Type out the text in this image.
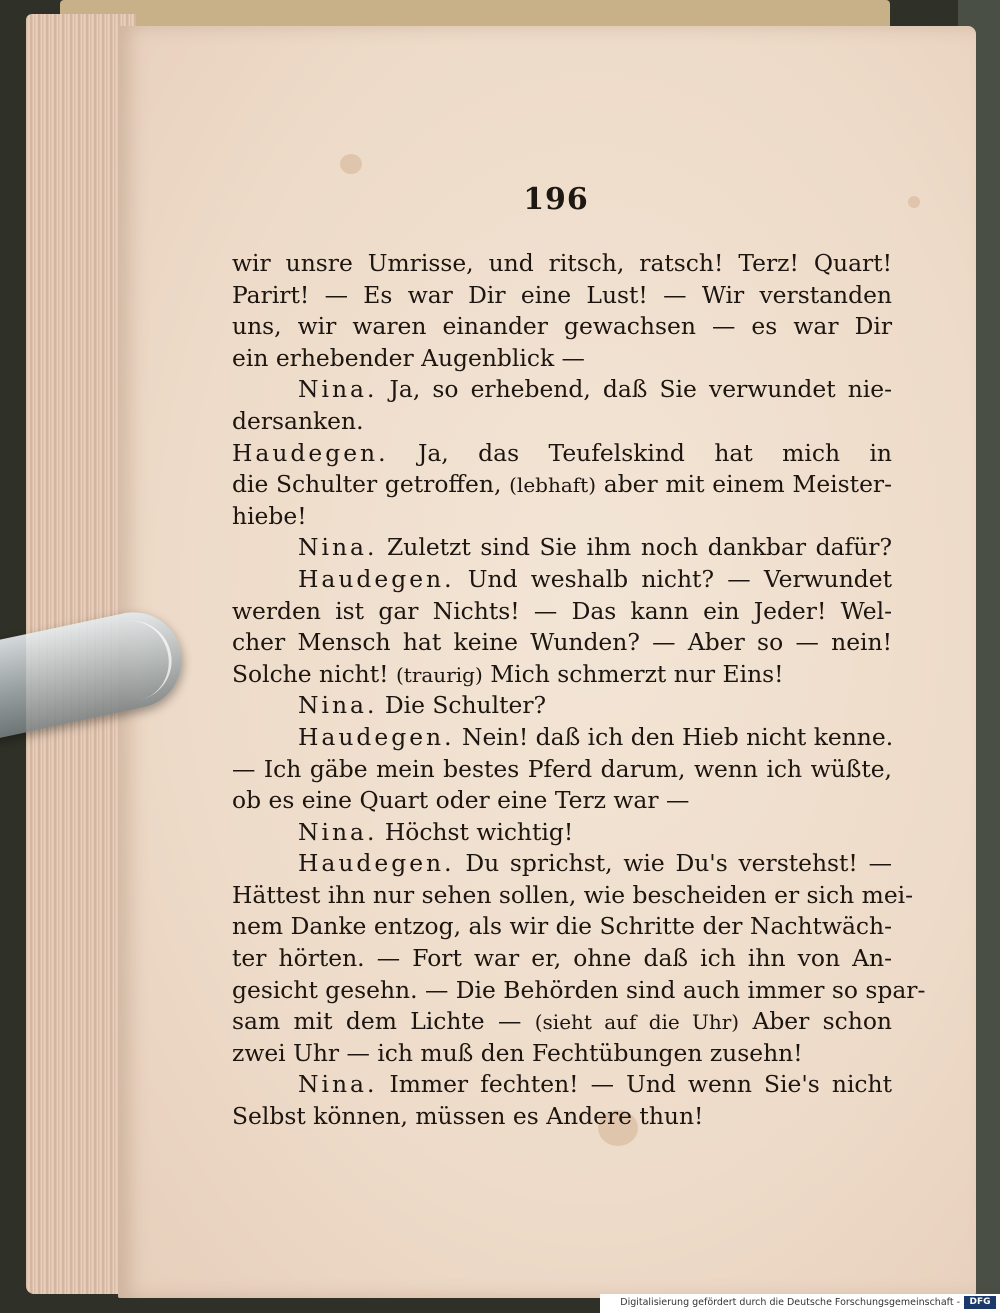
196
wir unsre Umrisse, und ritsch, ratsch! Terz! Quart!
Parirt! — Es war Dir eine Lust! — Wir verstanden
uns, wir waren einander gewachsen — es war Dir
ein erhebender Augenblick —
Nina. Ja, so erhebend, daß Sie verwundet nie-
dersanken.
Haudegen. Ja, das Teufelskind hat mich in
die Schulter getroffen, (lebhaft) aber mit einem Meister-
hiebe!
Nina. Zuletzt sind Sie ihm noch dankbar dafür?
Haudegen. Und weshalb nicht? — Verwundet
werden ist gar Nichts! — Das kann ein Jeder! Wel-
cher Mensch hat keine Wunden? — Aber so — nein!
Solche nicht! (traurig) Mich schmerzt nur Eins!
Nina. Die Schulter?
Haudegen. Nein! daß ich den Hieb nicht kenne.
— Ich gäbe mein bestes Pferd darum, wenn ich wüßte,
ob es eine Quart oder eine Terz war —
Nina. Höchst wichtig!
Haudegen. Du sprichst, wie Du's verstehst! —
Hättest ihn nur sehen sollen, wie bescheiden er sich mei-
nem Danke entzog, als wir die Schritte der Nachtwäch-
ter hörten. — Fort war er, ohne daß ich ihn von An-
gesicht gesehn. — Die Behörden sind auch immer so spar-
sam mit dem Lichte — (sieht auf die Uhr) Aber schon
zwei Uhr — ich muß den Fechtübungen zusehn!
Nina. Immer fechten! — Und wenn Sie's nicht
Selbst können, müssen es Andere thun!
Digitalisierung gefördert durch die Deutsche Forschungsgemeinschaft -	DFG
